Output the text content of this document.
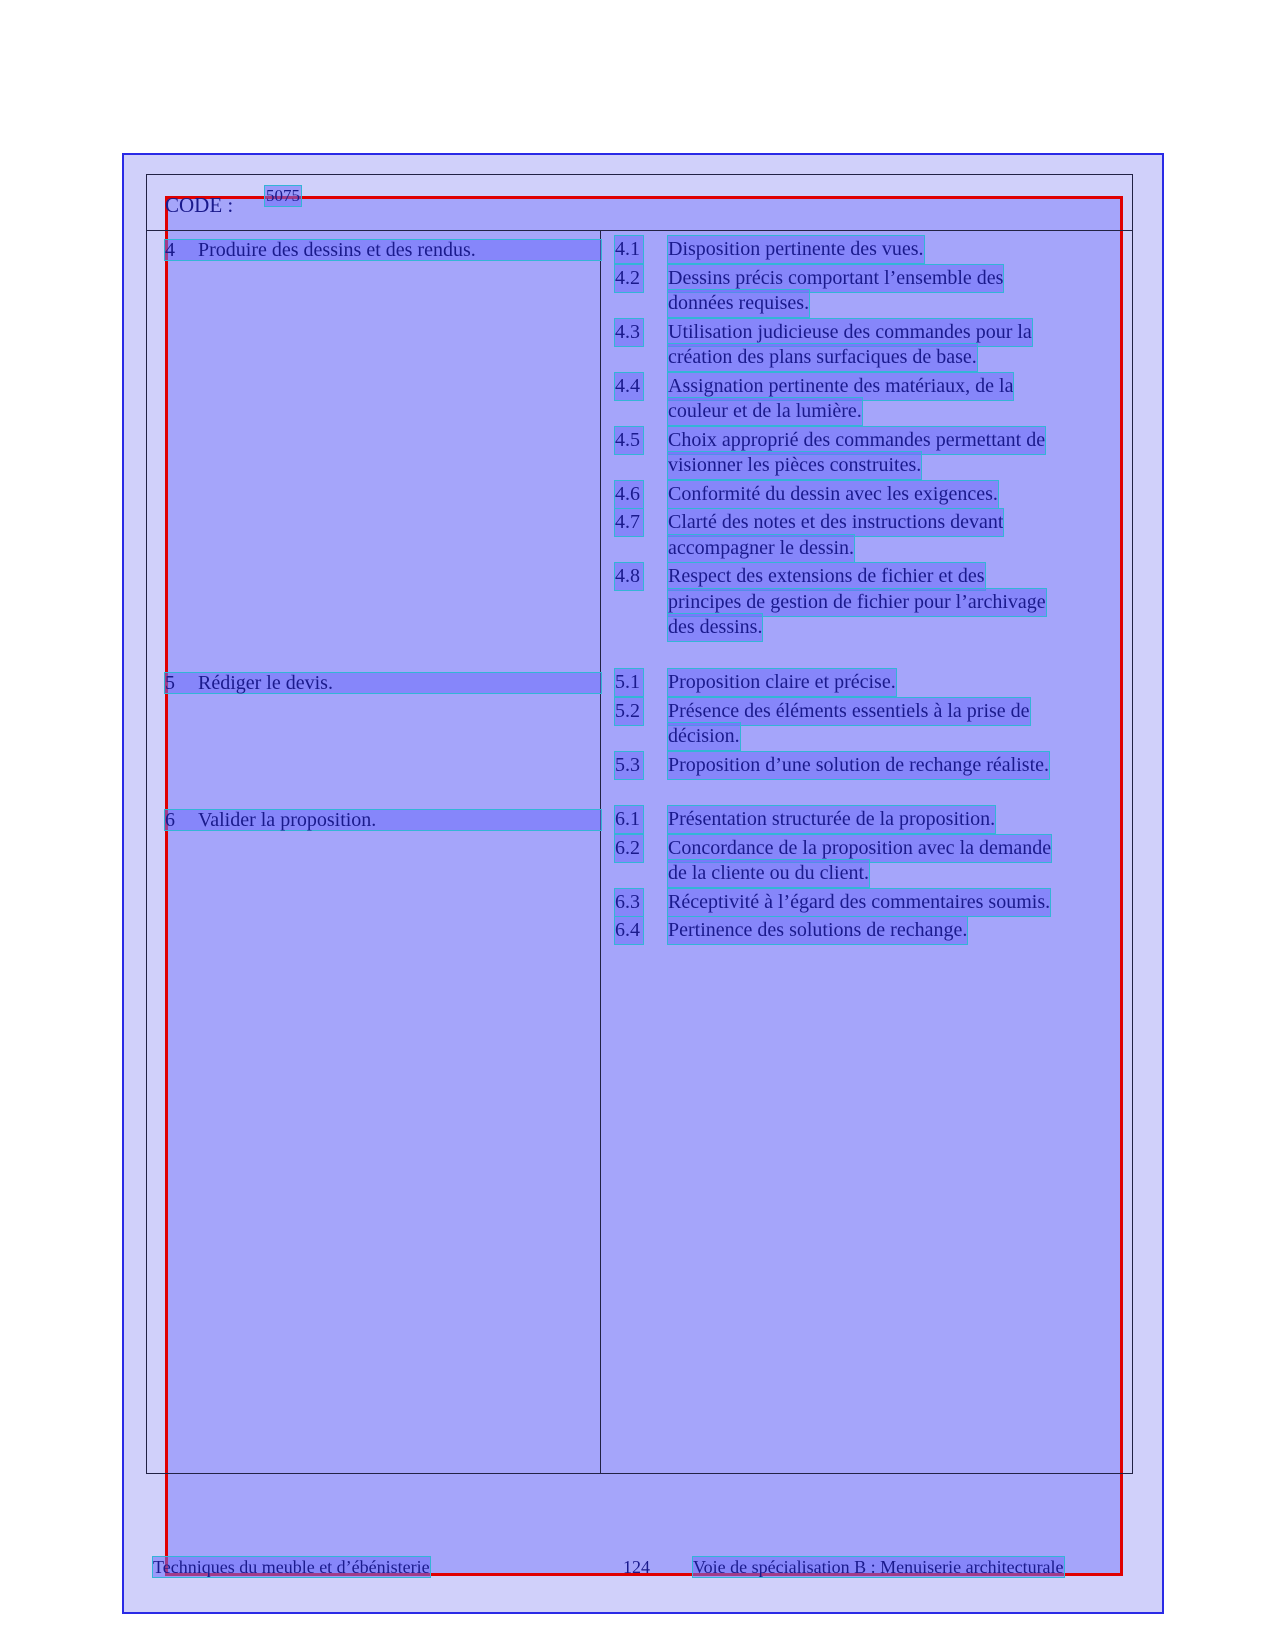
CODE : 5075
4 Produire des dessins et des rendus.	4.1 Disposition pertinente des vues.
4.2 Dessins précis comportant l’ensemble des
données requises.
4.3 Utilisation judicieuse des commandes pour la
création des plans surfaciques de base.
4.4 Assignation pertinente des matériaux, de la
couleur et de la lumière.
4.5 Choix approprié des commandes permettant de
visionner les pièces construites.
4.6 Conformité du dessin avec les exigences.
4.7 Clarté des notes et des instructions devant
accompagner le dessin.
4.8 Respect des extensions de fichier et des
principes de gestion de fichier pour l’archivage
des dessins.
5 Rédiger le devis.	5.1 Proposition claire et précise.
5.2 Présence des éléments essentiels à la prise de
décision.
5.3 Proposition d’une solution de rechange réaliste.
6 Valider la proposition.	6.1 Présentation structurée de la proposition.
6.2 Concordance de la proposition avec la demande
de la cliente ou du client.
6.3 Réceptivité à l’égard des commentaires soumis.
6.4 Pertinence des solutions de rechange.
Techniques du meuble et d’ébénisterie	124 Voie de spécialisation B : Menuiserie architecturale
